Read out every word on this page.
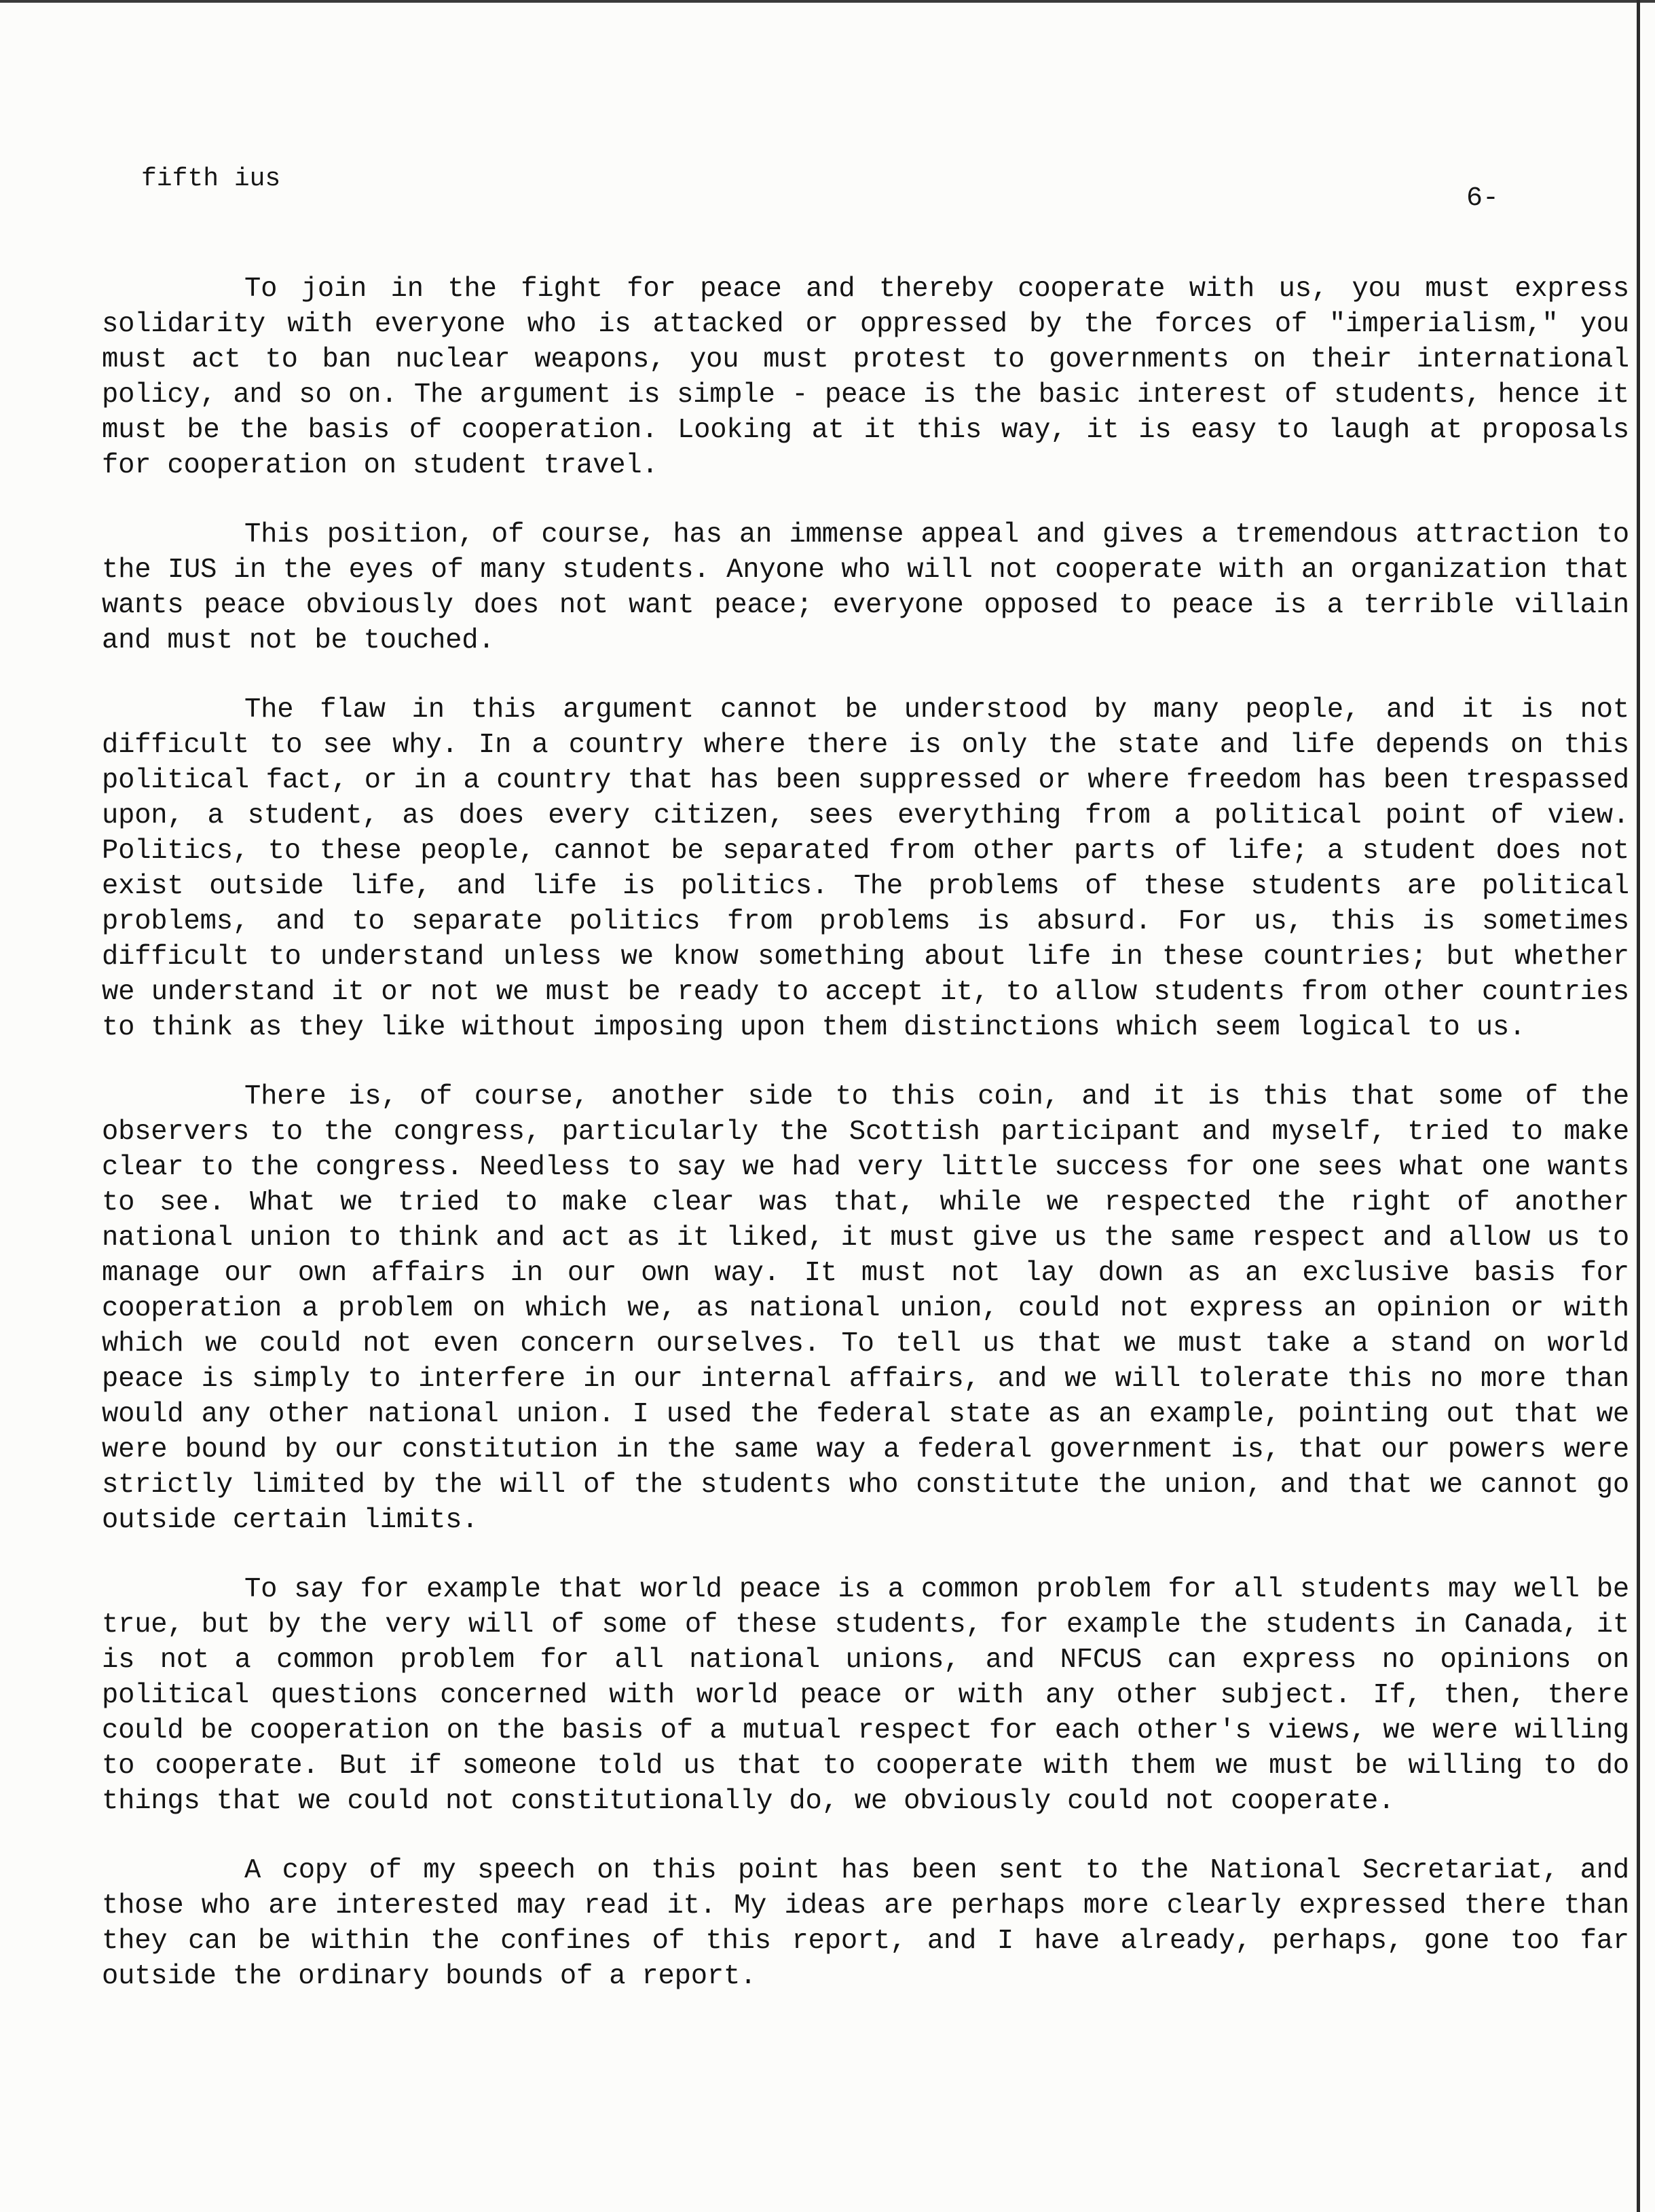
fifth ius
6-

To join in the fight for peace and thereby cooperate with us, you must express solidarity with everyone who is attacked or oppressed by the forces of "imperialism," you must act to ban nuclear weapons, you must protest to governments on their international policy, and so on. The argument is simple - peace is the basic interest of students, hence it must be the basis of cooperation. Looking at it this way, it is easy to laugh at proposals for cooperation on student travel.

This position, of course, has an immense appeal and gives a tremendous attraction to the IUS in the eyes of many students. Anyone who will not cooperate with an organization that wants peace obviously does not want peace; everyone opposed to peace is a terrible villain and must not be touched.

The flaw in this argument cannot be understood by many people, and it is not difficult to see why. In a country where there is only the state and life depends on this political fact, or in a country that has been suppressed or where freedom has been trespassed upon, a student, as does every citizen, sees everything from a political point of view. Politics, to these people, cannot be separated from other parts of life; a student does not exist outside life, and life is politics. The problems of these students are political problems, and to separate politics from problems is absurd. For us, this is sometimes difficult to understand unless we know something about life in these countries; but whether we understand it or not we must be ready to accept it, to allow students from other countries to think as they like without imposing upon them distinctions which seem logical to us.

There is, of course, another side to this coin, and it is this that some of the observers to the congress, particularly the Scottish participant and myself, tried to make clear to the congress. Needless to say we had very little success for one sees what one wants to see. What we tried to make clear was that, while we respected the right of another national union to think and act as it liked, it must give us the same respect and allow us to manage our own affairs in our own way. It must not lay down as an exclusive basis for cooperation a problem on which we, as national union, could not express an opinion or with which we could not even concern ourselves. To tell us that we must take a stand on world peace is simply to interfere in our internal affairs, and we will tolerate this no more than would any other national union. I used the federal state as an example, pointing out that we were bound by our constitution in the same way a federal government is, that our powers were strictly limited by the will of the students who constitute the union, and that we cannot go outside certain limits.

To say for example that world peace is a common problem for all students may well be true, but by the very will of some of these students, for example the students in Canada, it is not a common problem for all national unions, and NFCUS can express no opinions on political questions concerned with world peace or with any other subject. If, then, there could be cooperation on the basis of a mutual respect for each other's views, we were willing to cooperate. But if someone told us that to cooperate with them we must be willing to do things that we could not constitutionally do, we obviously could not cooperate.

A copy of my speech on this point has been sent to the National Secretariat, and those who are interested may read it. My ideas are perhaps more clearly expressed there than they can be within the confines of this report, and I have already, perhaps, gone too far outside the ordinary bounds of a report.
